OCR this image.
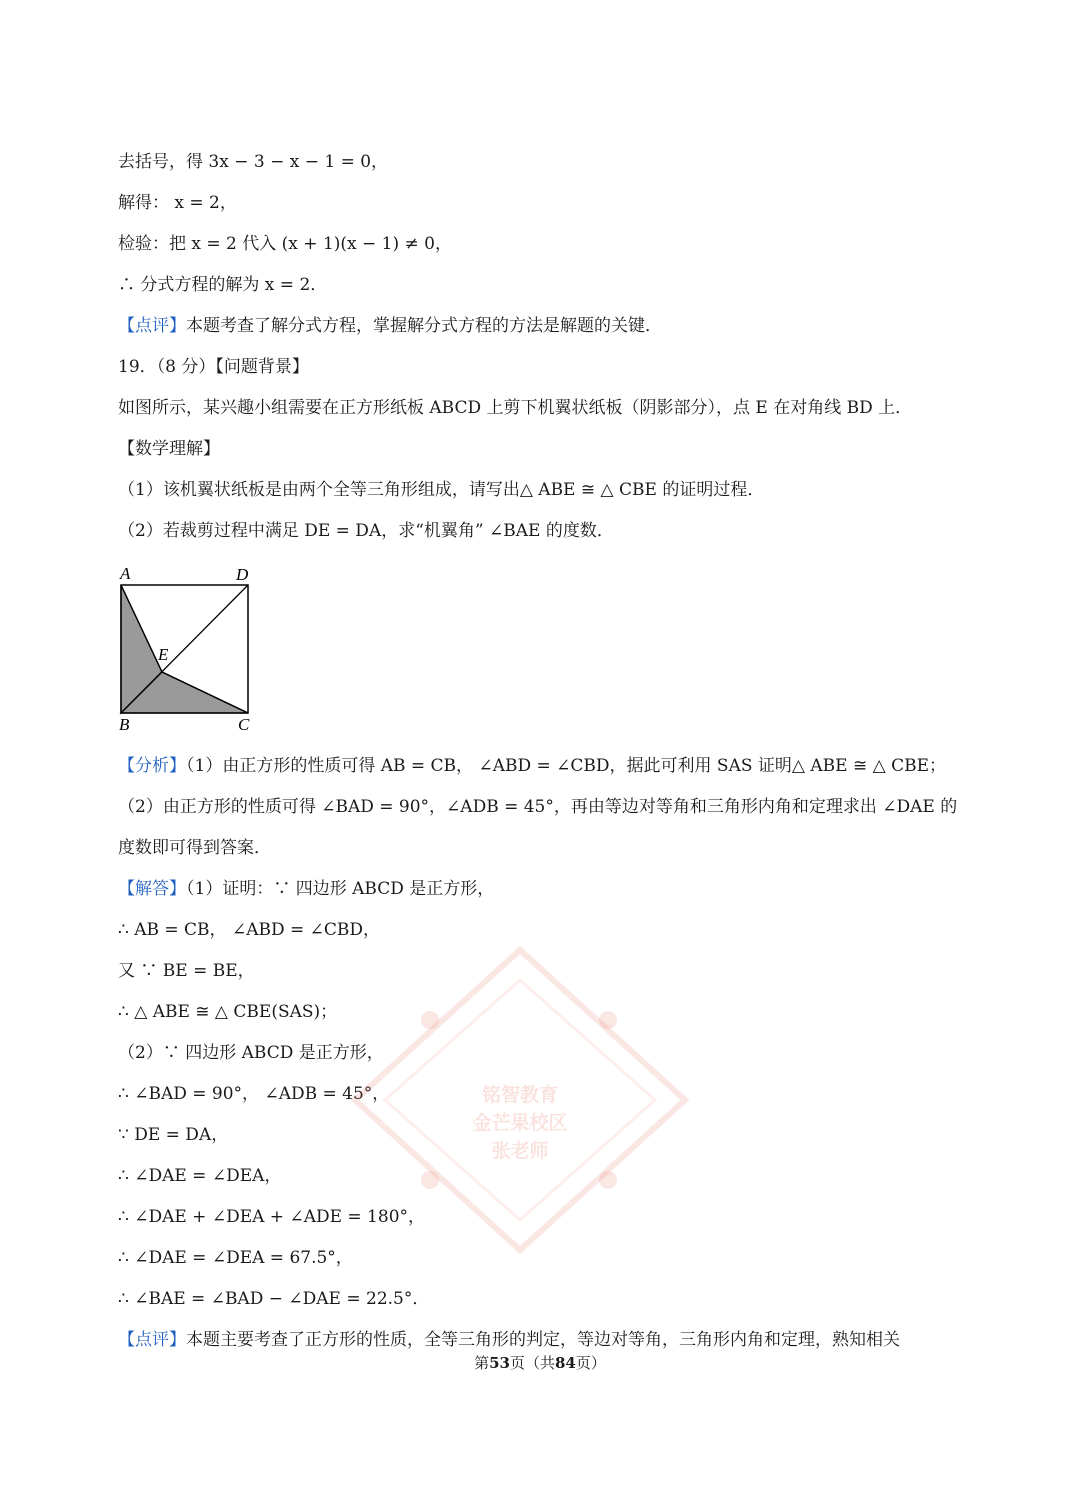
去括号，得 3x − 3 − x − 1 = 0，
解得： x = 2，
检验：把 x = 2 代入 (x + 1)(x − 1) ≠ 0，
∴ 分式方程的解为 x = 2．
【点评】本题考查了解分式方程，掌握解分式方程的方法是解题的关键．
19．（8 分）【问题背景】
如图所示，某兴趣小组需要在正方形纸板 ABCD 上剪下机翼状纸板（阴影部分），点 E 在对角线 BD 上．
【数学理解】
（1）该机翼状纸板是由两个全等三角形组成，请写出△ ABE ≅ △ CBE 的证明过程．
（2）若裁剪过程中满足 DE = DA，求“机翼角” ∠BAE 的度数．
A	D
E
B	C
【分析】（1）由正方形的性质可得 AB = CB， ∠ABD = ∠CBD，据此可利用 SAS 证明△ ABE ≅ △ CBE；
（2）由正方形的性质可得 ∠BAD = 90°，∠ADB = 45°，再由等边对等角和三角形内角和定理求出 ∠DAE 的
度数即可得到答案．
【解答】（1）证明：∵ 四边形 ABCD 是正方形，
∴ AB = CB， ∠ABD = ∠CBD，
又 ∵ BE = BE，
∴ △ ABE ≅ △ CBE(SAS)；
（2）∵ 四边形 ABCD 是正方形，
∴ ∠BAD = 90°， ∠ADB = 45°，
∵ DE = DA，
∴ ∠DAE = ∠DEA，
∴ ∠DAE + ∠DEA + ∠ADE = 180°，
∴ ∠DAE = ∠DEA = 67.5°，
∴ ∠BAE = ∠BAD − ∠DAE = 22.5°．
【点评】本题主要考查了正方形的性质，全等三角形的判定，等边对等角，三角形内角和定理，熟知相关
铭智教育
金芒果校区
张老师
第53页（共84页）
